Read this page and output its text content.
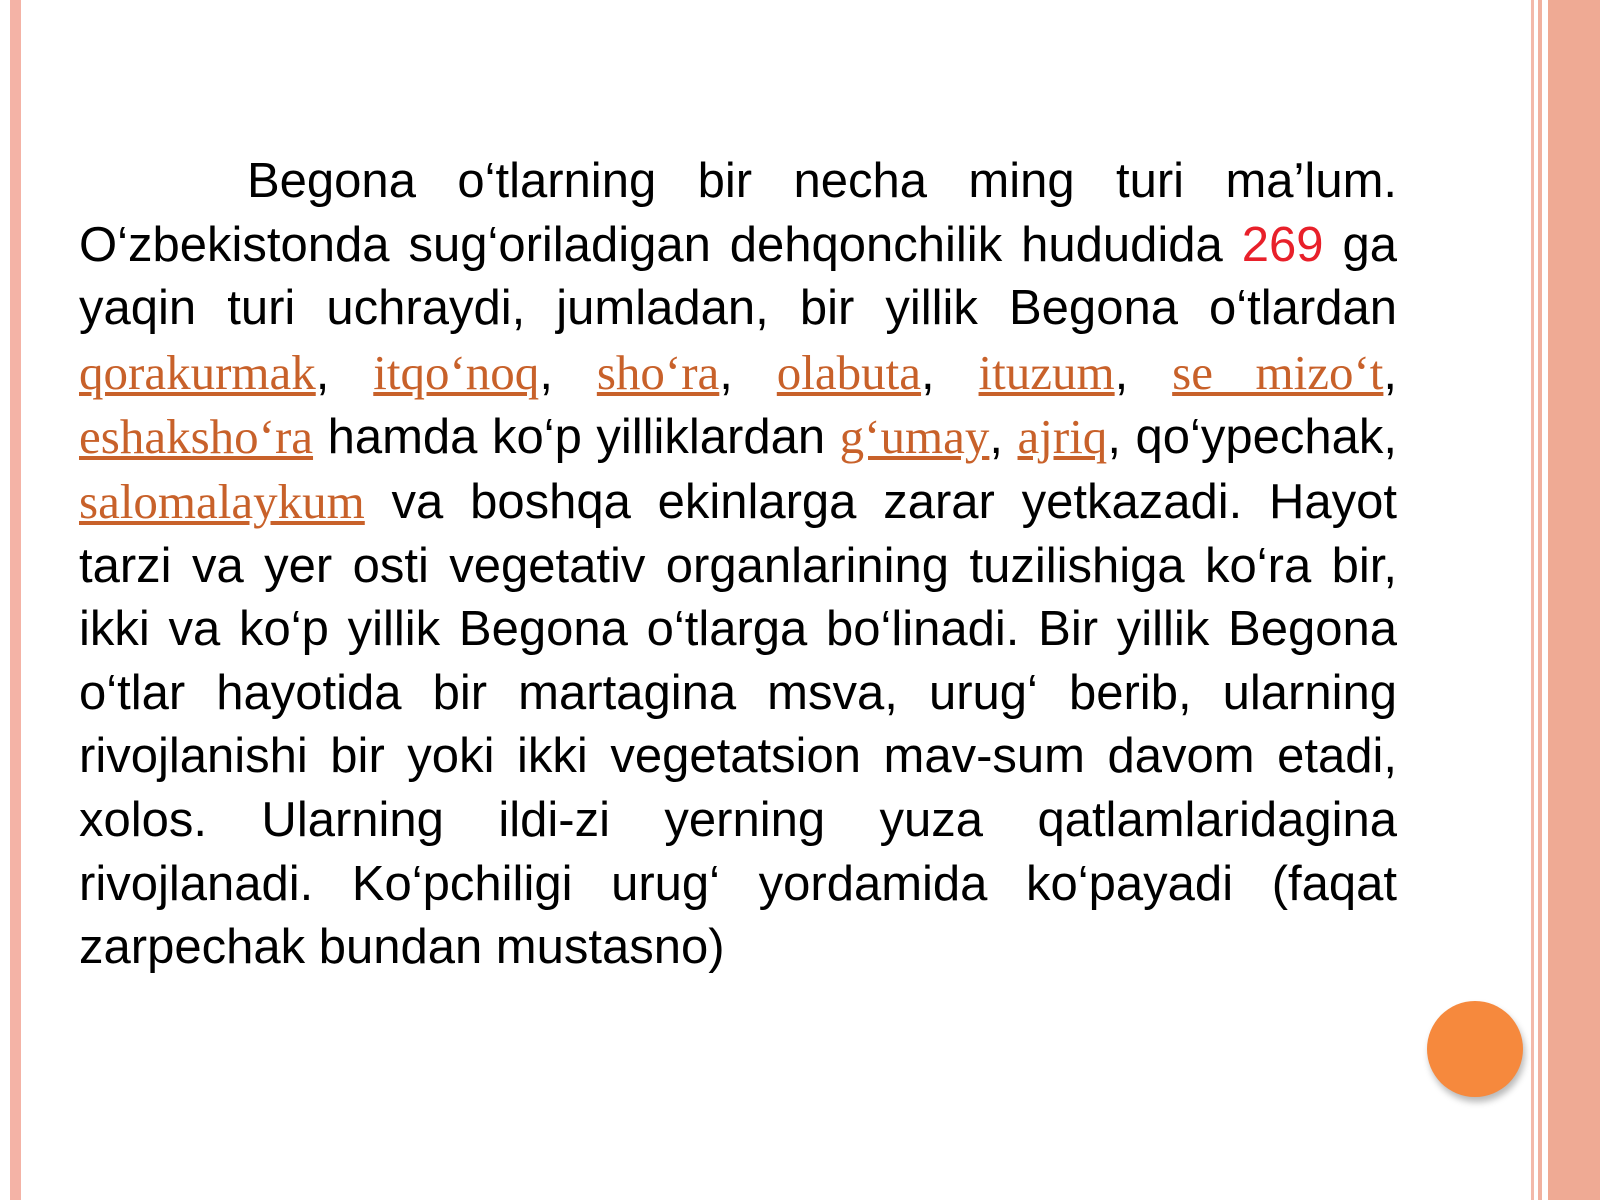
Begona o‘tlarning bir necha ming turi ma’lum. O‘zbekistonda sug‘oriladigan dehqonchilik hududida 269 ga yaqin turi uchraydi, jumladan, bir yillik Begona o‘tlardan qorakurmak, itqo‘noq, sho‘ra, olabuta, ituzum, se mizo‘t, eshaksho‘ra hamda ko‘p yilliklardan g‘umay, ajriq, qo‘ypechak, salomalaykum va boshqa ekinlarga zarar yetkazadi. Hayot tarzi va yer osti vegetativ organlarining tuzilishiga ko‘ra bir, ikki va ko‘p yillik Begona o‘tlarga bo‘linadi. Bir yillik Begona o‘tlar hayotida bir martagina msva, urug‘ berib, ularning rivojlanishi bir yoki ikki vegetatsion mav-sum davom etadi, xolos. Ularning ildi-zi yerning yuza qatlamlaridagina rivojlanadi. Ko‘pchiligi urug‘ yordamida ko‘payadi (faqat zarpechak bundan mustasno)
